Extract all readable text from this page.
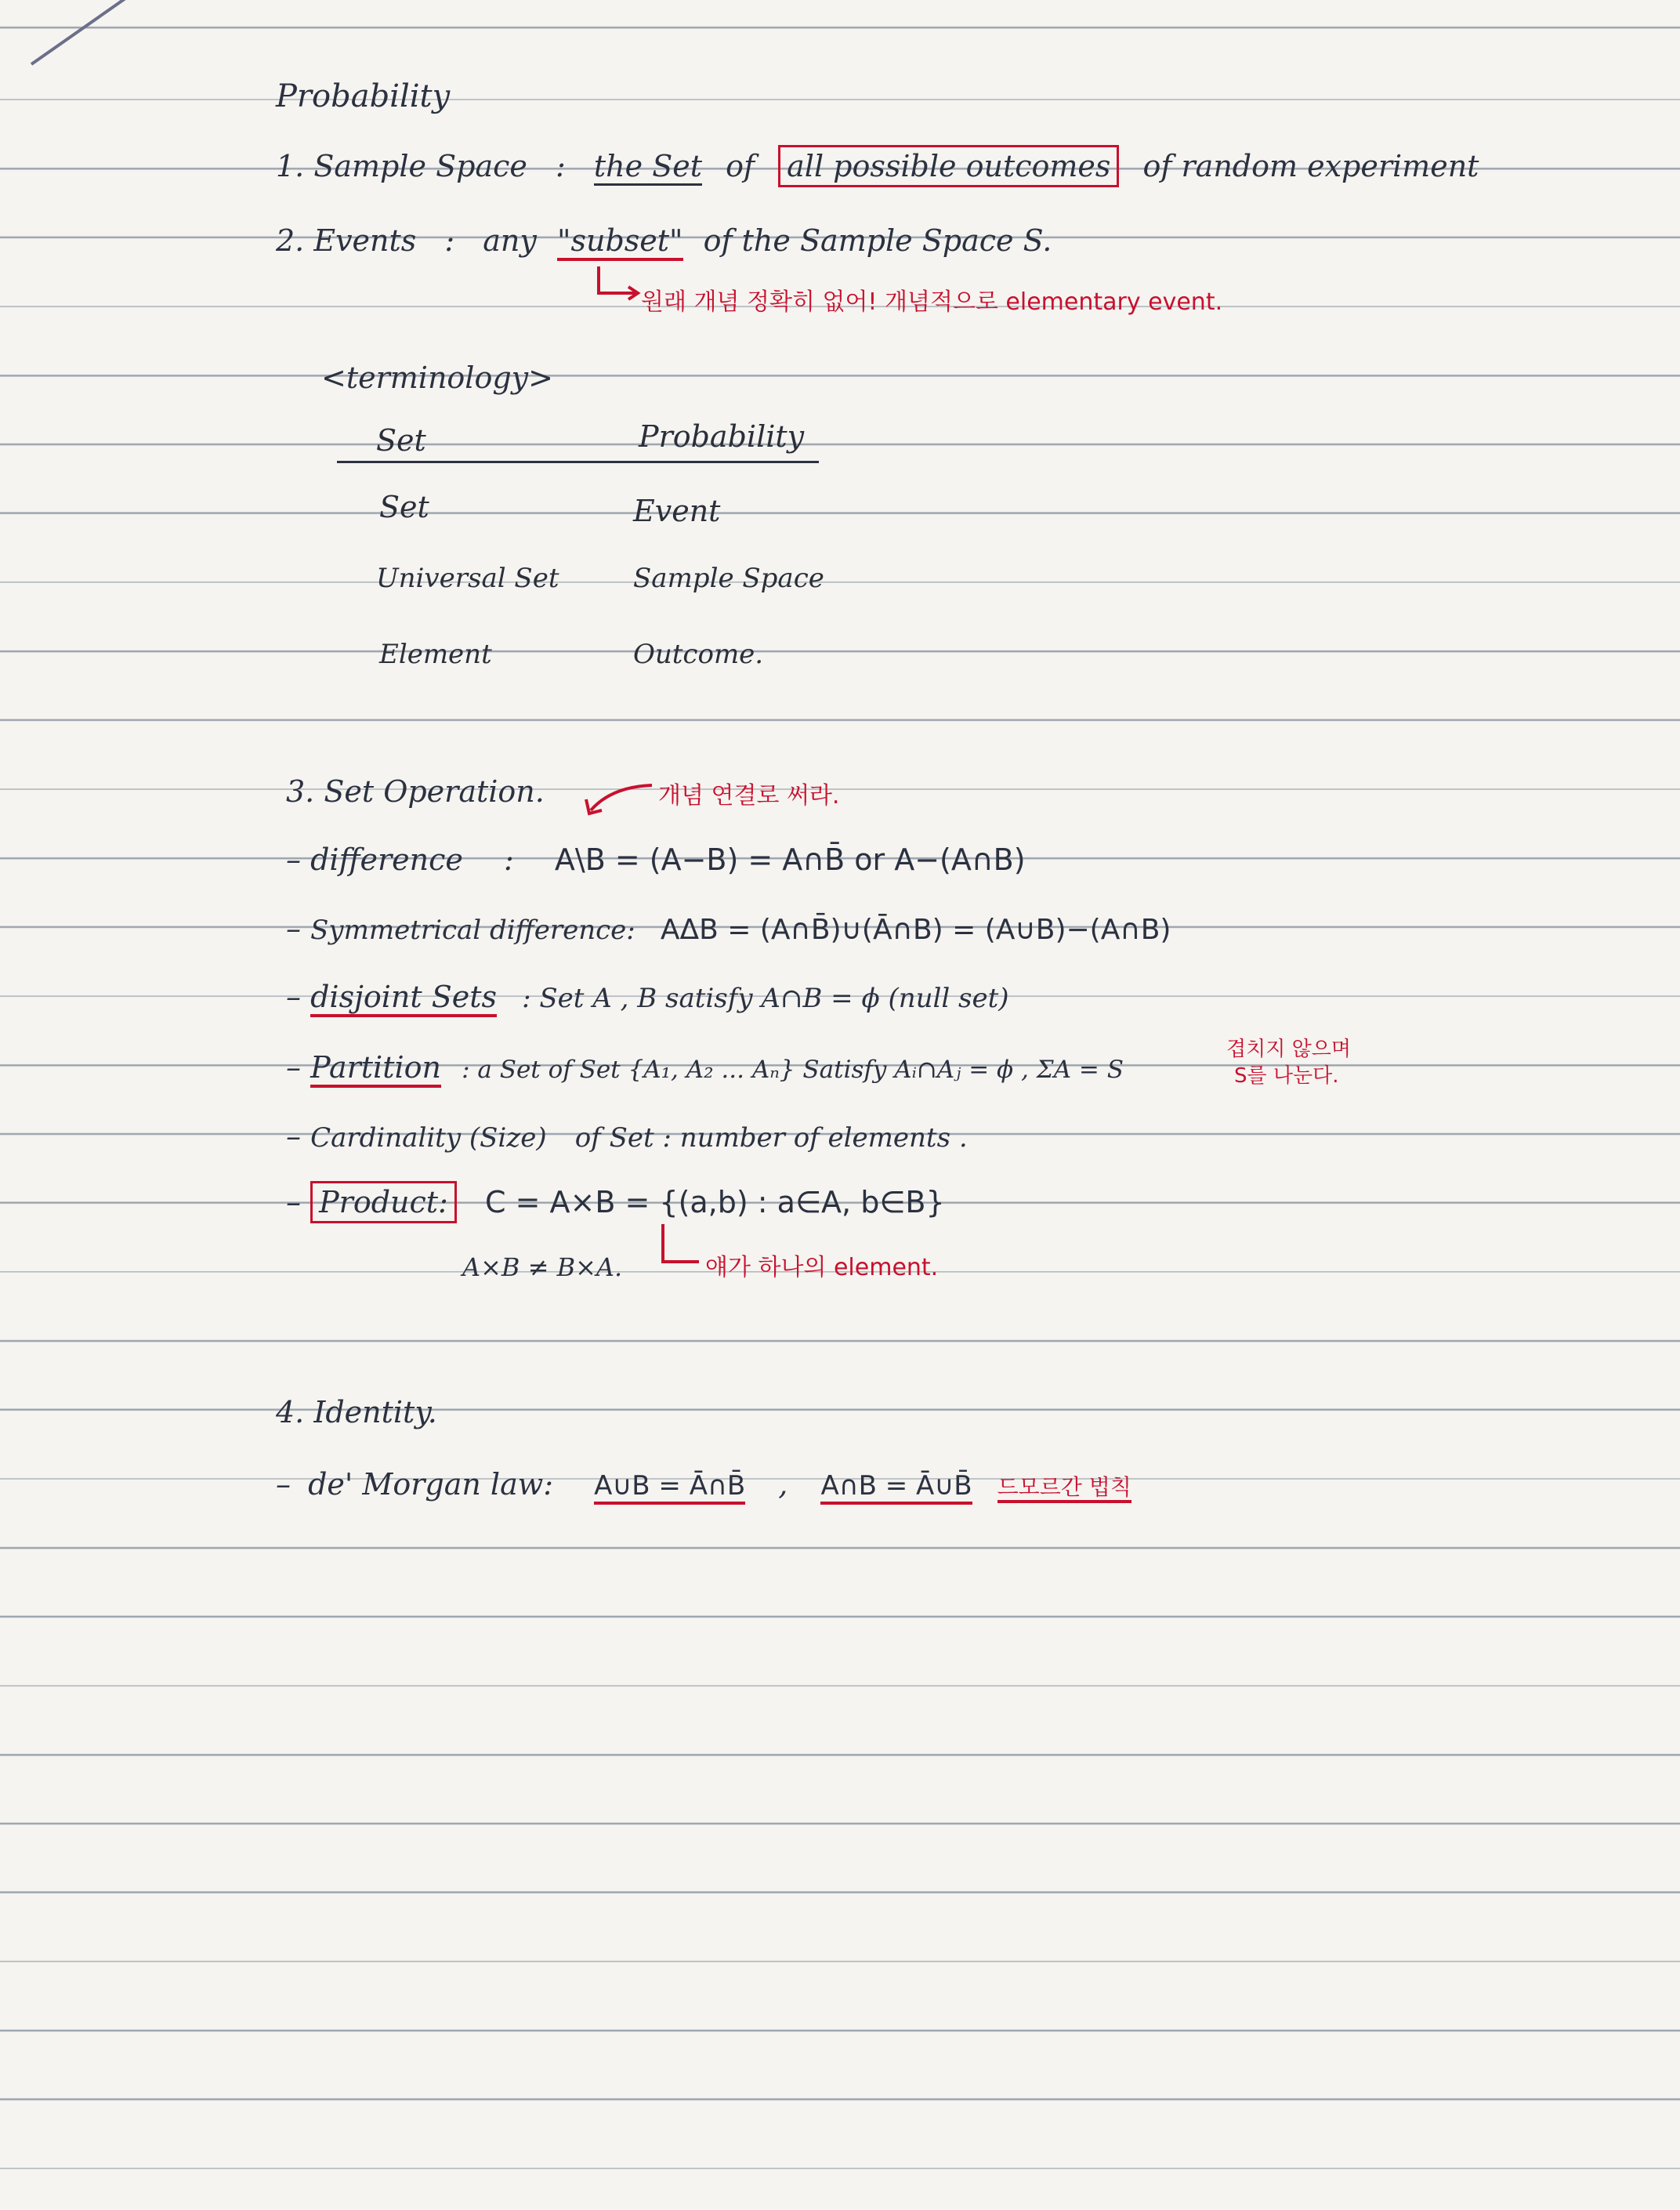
Probability
1. Sample Space : the Set of all possible outcomes of random experiment
2. Events : any "subset" of the Sample Space S.
원래 개념 정확히 없어! 개념적으로 elementary event.
<terminology>
Set	Probability
Set	Event
Universal Set	Sample Space
Element	Outcome.
3. Set Operation.	개념 연결로 써라.
– difference : A\B = (A−B) = A∩B̄ or A−(A∩B)
– Symmetrical difference: AΔB = (A∩B̄)∪(Ā∩B) = (A∪B)−(A∩B)
– disjoint Sets : Set A , B satisfy A∩B = ϕ (null set)
– Partition : a Set of Set {A₁, A₂ ... Aₙ} Satisfy Aᵢ∩Aⱼ = ϕ , ΣA = S
겹치지 않으며
S를 나눈다.
– Cardinality (Size) of Set : number of elements .
– Product: C = A×B = {(a,b) : a∈A, b∈B}
A×B ≠ B×A.	얘가 하나의 element.
4. Identity.
– de' Morgan law: A∪B = Ā∩B̄ , A∩B = Ā∪B̄ 드모르간 법칙
